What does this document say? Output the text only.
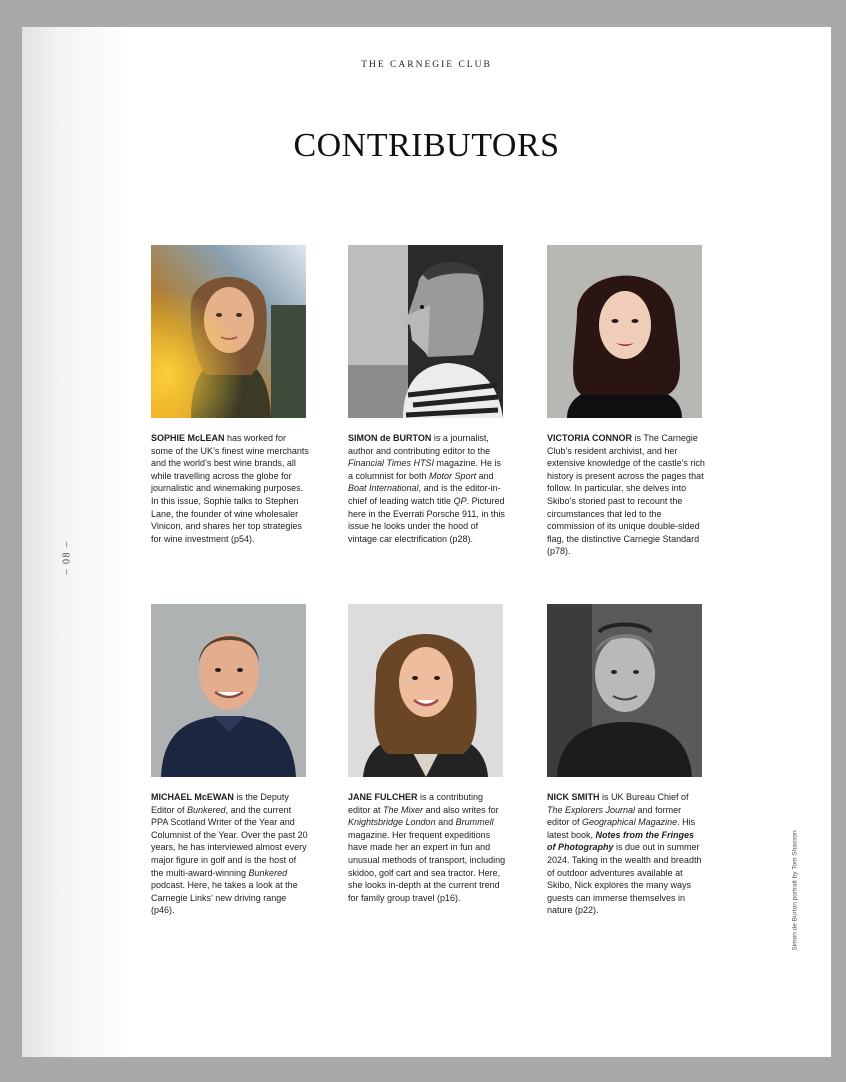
THE CARNEGIE CLUB
CONTRIBUTORS
– 08 –
Simon de Burton portrait by Tom Shaxson
SOPHIE McLEAN has worked for some of the UK’s finest wine merchants and the world’s best wine brands, all while travelling across the globe for journalistic and winemaking purposes. In this issue, Sophie talks to Stephen Lane, the founder of wine wholesaler Vinicon, and shares her top strategies for wine investment (p54).
SIMON de BURTON is a journalist, author and contributing editor to the Financial Times HTSI magazine. He is a columnist for both Motor Sport and Boat International, and is the editor-in-chief of leading watch title QP. Pictured here in the Everrati Porsche 911, in this issue he looks under the hood of vintage car electrification (p28).
VICTORIA CONNOR is The Carnegie Club’s resident archivist, and her extensive knowledge of the castle’s rich history is present across the pages that follow. In particular, she delves into Skibo’s storied past to recount the circumstances that led to the commission of its unique double-sided flag, the distinctive Carnegie Standard (p78).
MICHAEL McEWAN is the Deputy Editor of Bunkered, and the current PPA Scotland Writer of the Year and Columnist of the Year. Over the past 20 years, he has interviewed almost every major figure in golf and is the host of the multi-award-winning Bunkered podcast. Here, he takes a look at the Carnegie Links’ new driving range (p46).
JANE FULCHER is a contributing editor at The Mixer and also writes for Knightsbridge London and Brummell magazine. Her frequent expeditions have made her an expert in fun and unusual methods of transport, including skidoo, golf cart and sea tractor. Here, she looks in-depth at the current trend for family group travel (p16).
NICK SMITH is UK Bureau Chief of The Explorers Journal and former editor of Geographical Magazine. His latest book, Notes from the Fringes of Photography is due out in summer 2024. Taking in the wealth and breadth of outdoor adventures available at Skibo, Nick explores the many ways guests can immerse themselves in nature (p22).
